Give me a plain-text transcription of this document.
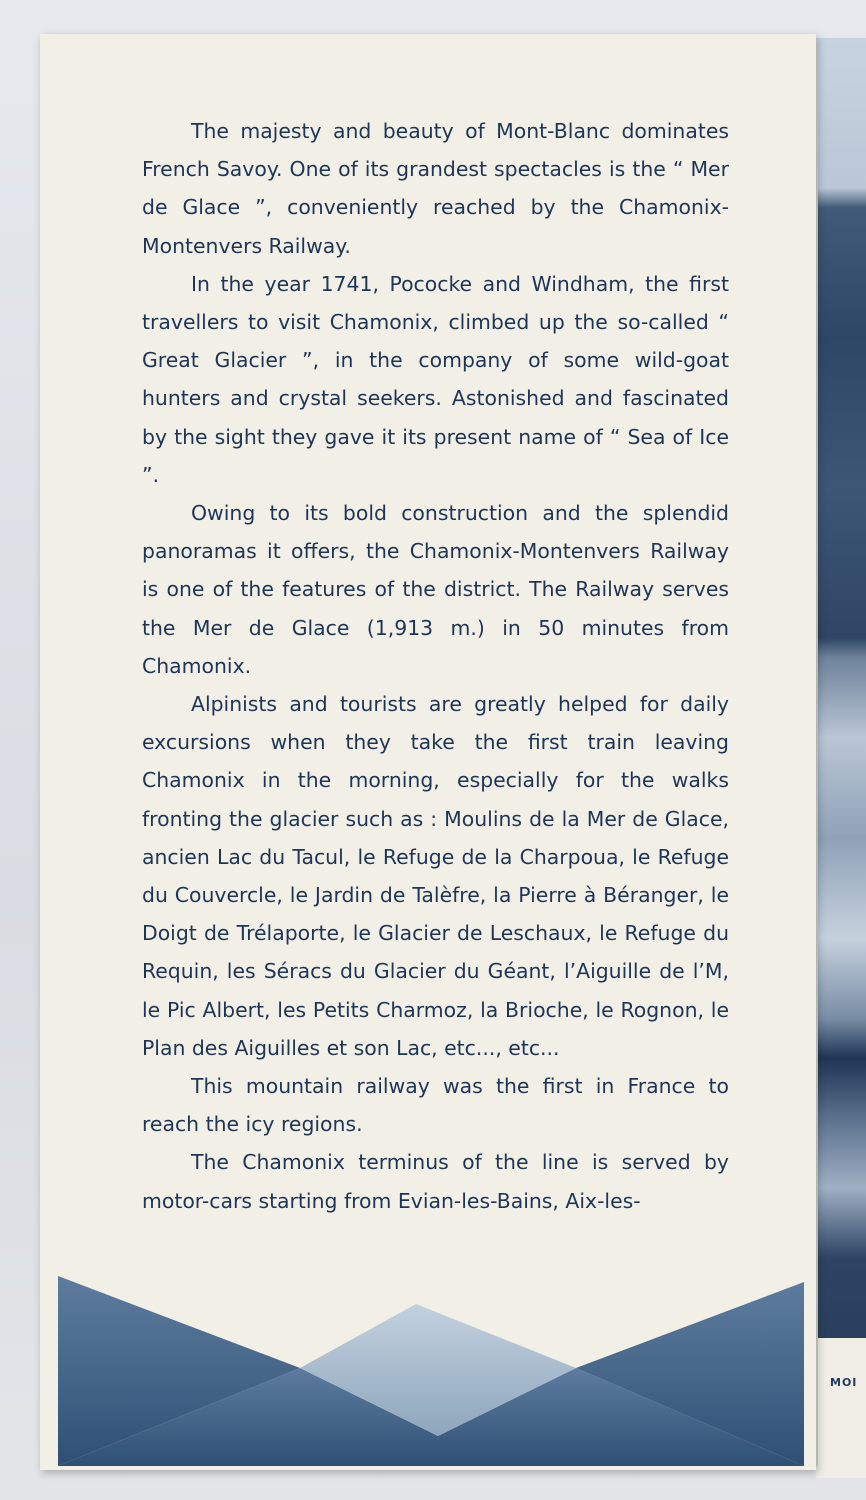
MOI

The majesty and beauty of Mont-Blanc dominates French Savoy. One of its grandest spectacles is the “ Mer de Glace ”, conveniently reached by the Chamonix-Montenvers Railway.

In the year 1741, Pococke and Windham, the first travellers to visit Chamonix, climbed up the so-called “ Great Glacier ”, in the company of some wild-goat hunters and crystal seekers. Astonished and fascinated by the sight they gave it its present name of “ Sea of Ice ”.

Owing to its bold construction and the splendid panoramas it offers, the Chamonix-Montenvers Railway is one of the features of the district. The Railway serves the Mer de Glace (1,913 m.) in 50 minutes from Chamonix.

Alpinists and tourists are greatly helped for daily excursions when they take the first train leaving Chamonix in the morning, especially for the walks fronting the glacier such as : Moulins de la Mer de Glace, ancien Lac du Tacul, le Refuge de la Charpoua, le Refuge du Couvercle, le Jardin de Talèfre, la Pierre à Béranger, le Doigt de Trélaporte, le Glacier de Leschaux, le Refuge du Requin, les Séracs du Glacier du Géant, l’Aiguille de l’M, le Pic Albert, les Petits Charmoz, la Brioche, le Rognon, le Plan des Aiguilles et son Lac, etc..., etc...

This mountain railway was the first in France to reach the icy regions.

The Chamonix terminus of the line is served by motor-cars starting from Evian-les-Bains, Aix-les-
